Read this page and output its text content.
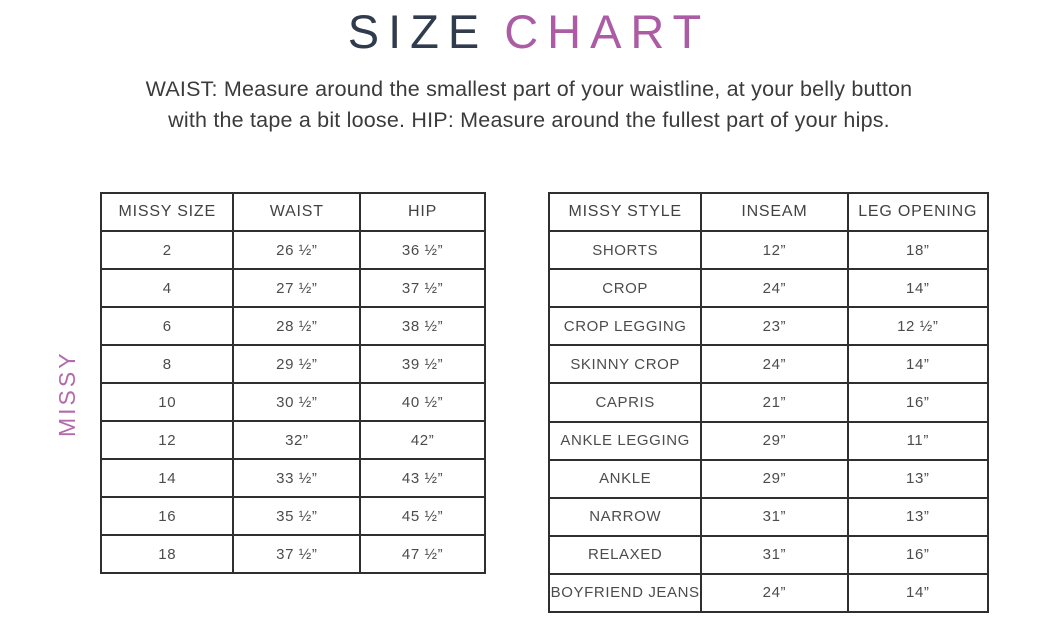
SIZE CHART

WAIST: Measure around the smallest part of your waistline, at your belly button
with the tape a bit loose. HIP: Measure around the fullest part of your hips.

MISSY
MISSY SIZE	WAIST	HIP
2	26 ½”	36 ½”
4	27 ½”	37 ½”
6	28 ½”	38 ½”
8	29 ½”	39 ½”
10	30 ½”	40 ½”
12	32”	42”
14	33 ½”	43 ½”
16	35 ½”	45 ½”
18	37 ½”	47 ½”
MISSY STYLE	INSEAM	LEG OPENING
SHORTS	12”	18”
CROP	24”	14”
CROP LEGGING	23”	12 ½”
SKINNY CROP	24”	14”
CAPRIS	21”	16”
ANKLE LEGGING	29”	11”
ANKLE	29”	13”
NARROW	31”	13”
RELAXED	31”	16”
BOYFRIEND JEANS	24”	14”
